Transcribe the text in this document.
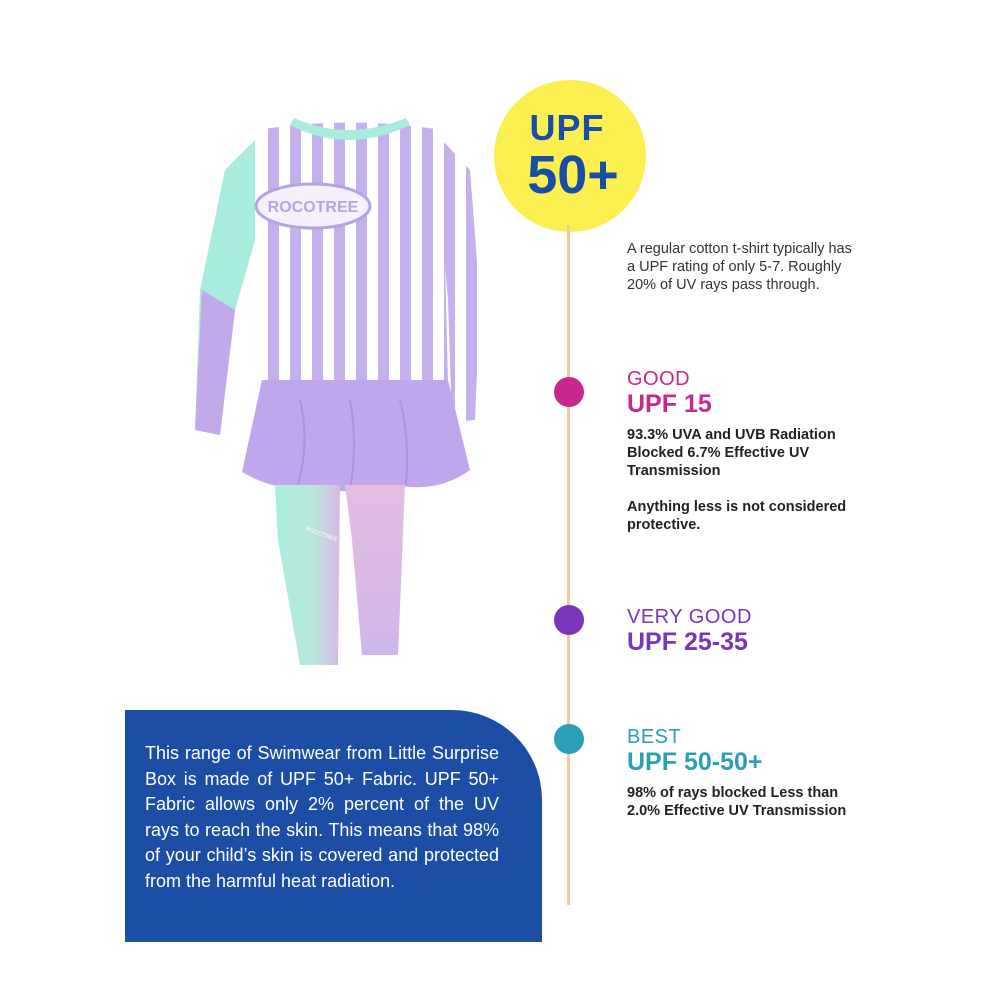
ROCOTREE
ROCOTREE
UPF
50+
A regular cotton t-shirt typically has a UPF rating of only 5-7. Roughly 20% of UV rays pass through.
GOOD
UPF 15
93.3% UVA and UVB Radiation Blocked 6.7% Effective UV Transmission
Anything less is not considered protective.
VERY GOOD
UPF 25-35
BEST
UPF 50-50+
98% of rays blocked Less than 2.0% Effective UV Transmission
This range of Swimwear from Little Surprise Box is made of UPF 50+ Fabric. UPF 50+ Fabric allows only 2% percent of the UV rays to reach the skin. This means that 98% of your child’s skin is covered and protected from the harmful heat radiation.
